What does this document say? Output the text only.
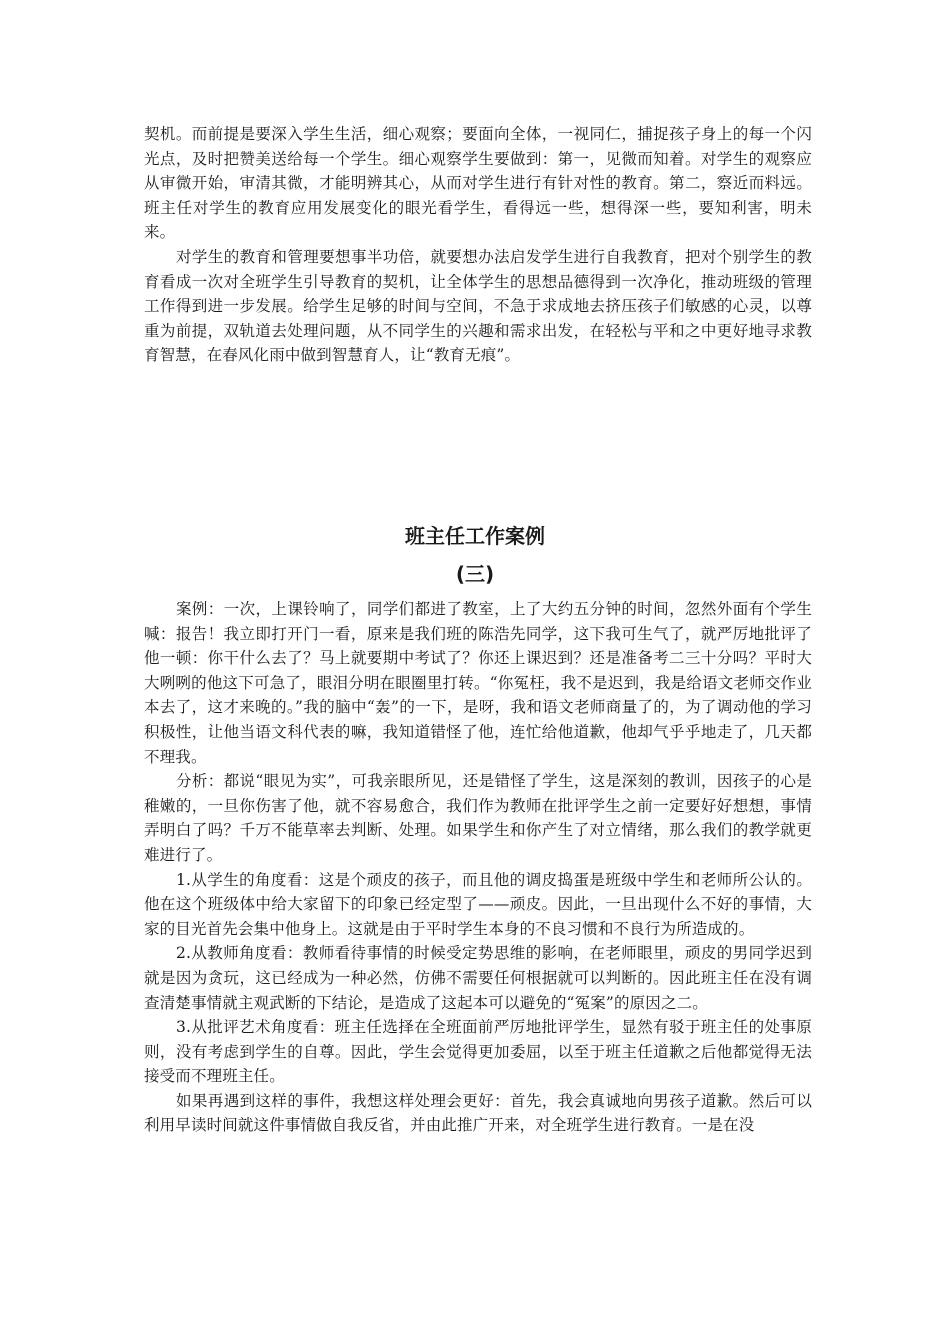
契机。而前提是要深入学生生活，细心观察；要面向全体，一视同仁，捕捉孩子身上的每一个闪光点，及时把赞美送给每一个学生。细心观察学生要做到：第一，见微而知着。对学生的观察应从审微开始，审清其微，才能明辨其心，从而对学生进行有针对性的教育。第二，察近而料远。班主任对学生的教育应用发展变化的眼光看学生，看得远一些，想得深一些，要知利害，明未来。

对学生的教育和管理要想事半功倍，就要想办法启发学生进行自我教育，把对个别学生的教育看成一次对全班学生引导教育的契机，让全体学生的思想品德得到一次净化，推动班级的管理工作得到进一步发展。给学生足够的时间与空间，不急于求成地去挤压孩子们敏感的心灵，以尊重为前提，双轨道去处理问题，从不同学生的兴趣和需求出发，在轻松与平和之中更好地寻求教育智慧，在春风化雨中做到智慧育人，让“教育无痕”。

班主任工作案例
(三)

案例：一次，上课铃响了，同学们都进了教室，上了大约五分钟的时间，忽然外面有个学生喊：报告！我立即打开门一看，原来是我们班的陈浩先同学，这下我可生气了，就严厉地批评了他一顿：你干什么去了？马上就要期中考试了？你还上课迟到？还是准备考二三十分吗？平时大大咧咧的他这下可急了，眼泪分明在眼圈里打转。“你冤枉，我不是迟到，我是给语文老师交作业本去了，这才来晚的。”我的脑中“轰”的一下，是呀，我和语文老师商量了的，为了调动他的学习积极性，让他当语文科代表的嘛，我知道错怪了他，连忙给他道歉，他却气乎乎地走了，几天都不理我。

分析：都说“眼见为实”，可我亲眼所见，还是错怪了学生，这是深刻的教训，因孩子的心是稚嫩的，一旦你伤害了他，就不容易愈合，我们作为教师在批评学生之前一定要好好想想，事情弄明白了吗？千万不能草率去判断、处理。如果学生和你产生了对立情绪，那么我们的教学就更难进行了。

1.从学生的角度看：这是个顽皮的孩子，而且他的调皮捣蛋是班级中学生和老师所公认的。他在这个班级体中给大家留下的印象已经定型了——顽皮。因此，一旦出现什么不好的事情，大家的目光首先会集中他身上。这就是由于平时学生本身的不良习惯和不良行为所造成的。

2.从教师角度看：教师看待事情的时候受定势思维的影响，在老师眼里，顽皮的男同学迟到就是因为贪玩，这已经成为一种必然，仿佛不需要任何根据就可以判断的。因此班主任在没有调查清楚事情就主观武断的下结论，是造成了这起本可以避免的“冤案”的原因之二。

3.从批评艺术角度看：班主任选择在全班面前严厉地批评学生，显然有驳于班主任的处事原则，没有考虑到学生的自尊。因此，学生会觉得更加委屈，以至于班主任道歉之后他都觉得无法接受而不理班主任。

如果再遇到这样的事件，我想这样处理会更好：首先，我会真诚地向男孩子道歉。然后可以利用早读时间就这件事情做自我反省，并由此推广开来，对全班学生进行教育。一是在没
